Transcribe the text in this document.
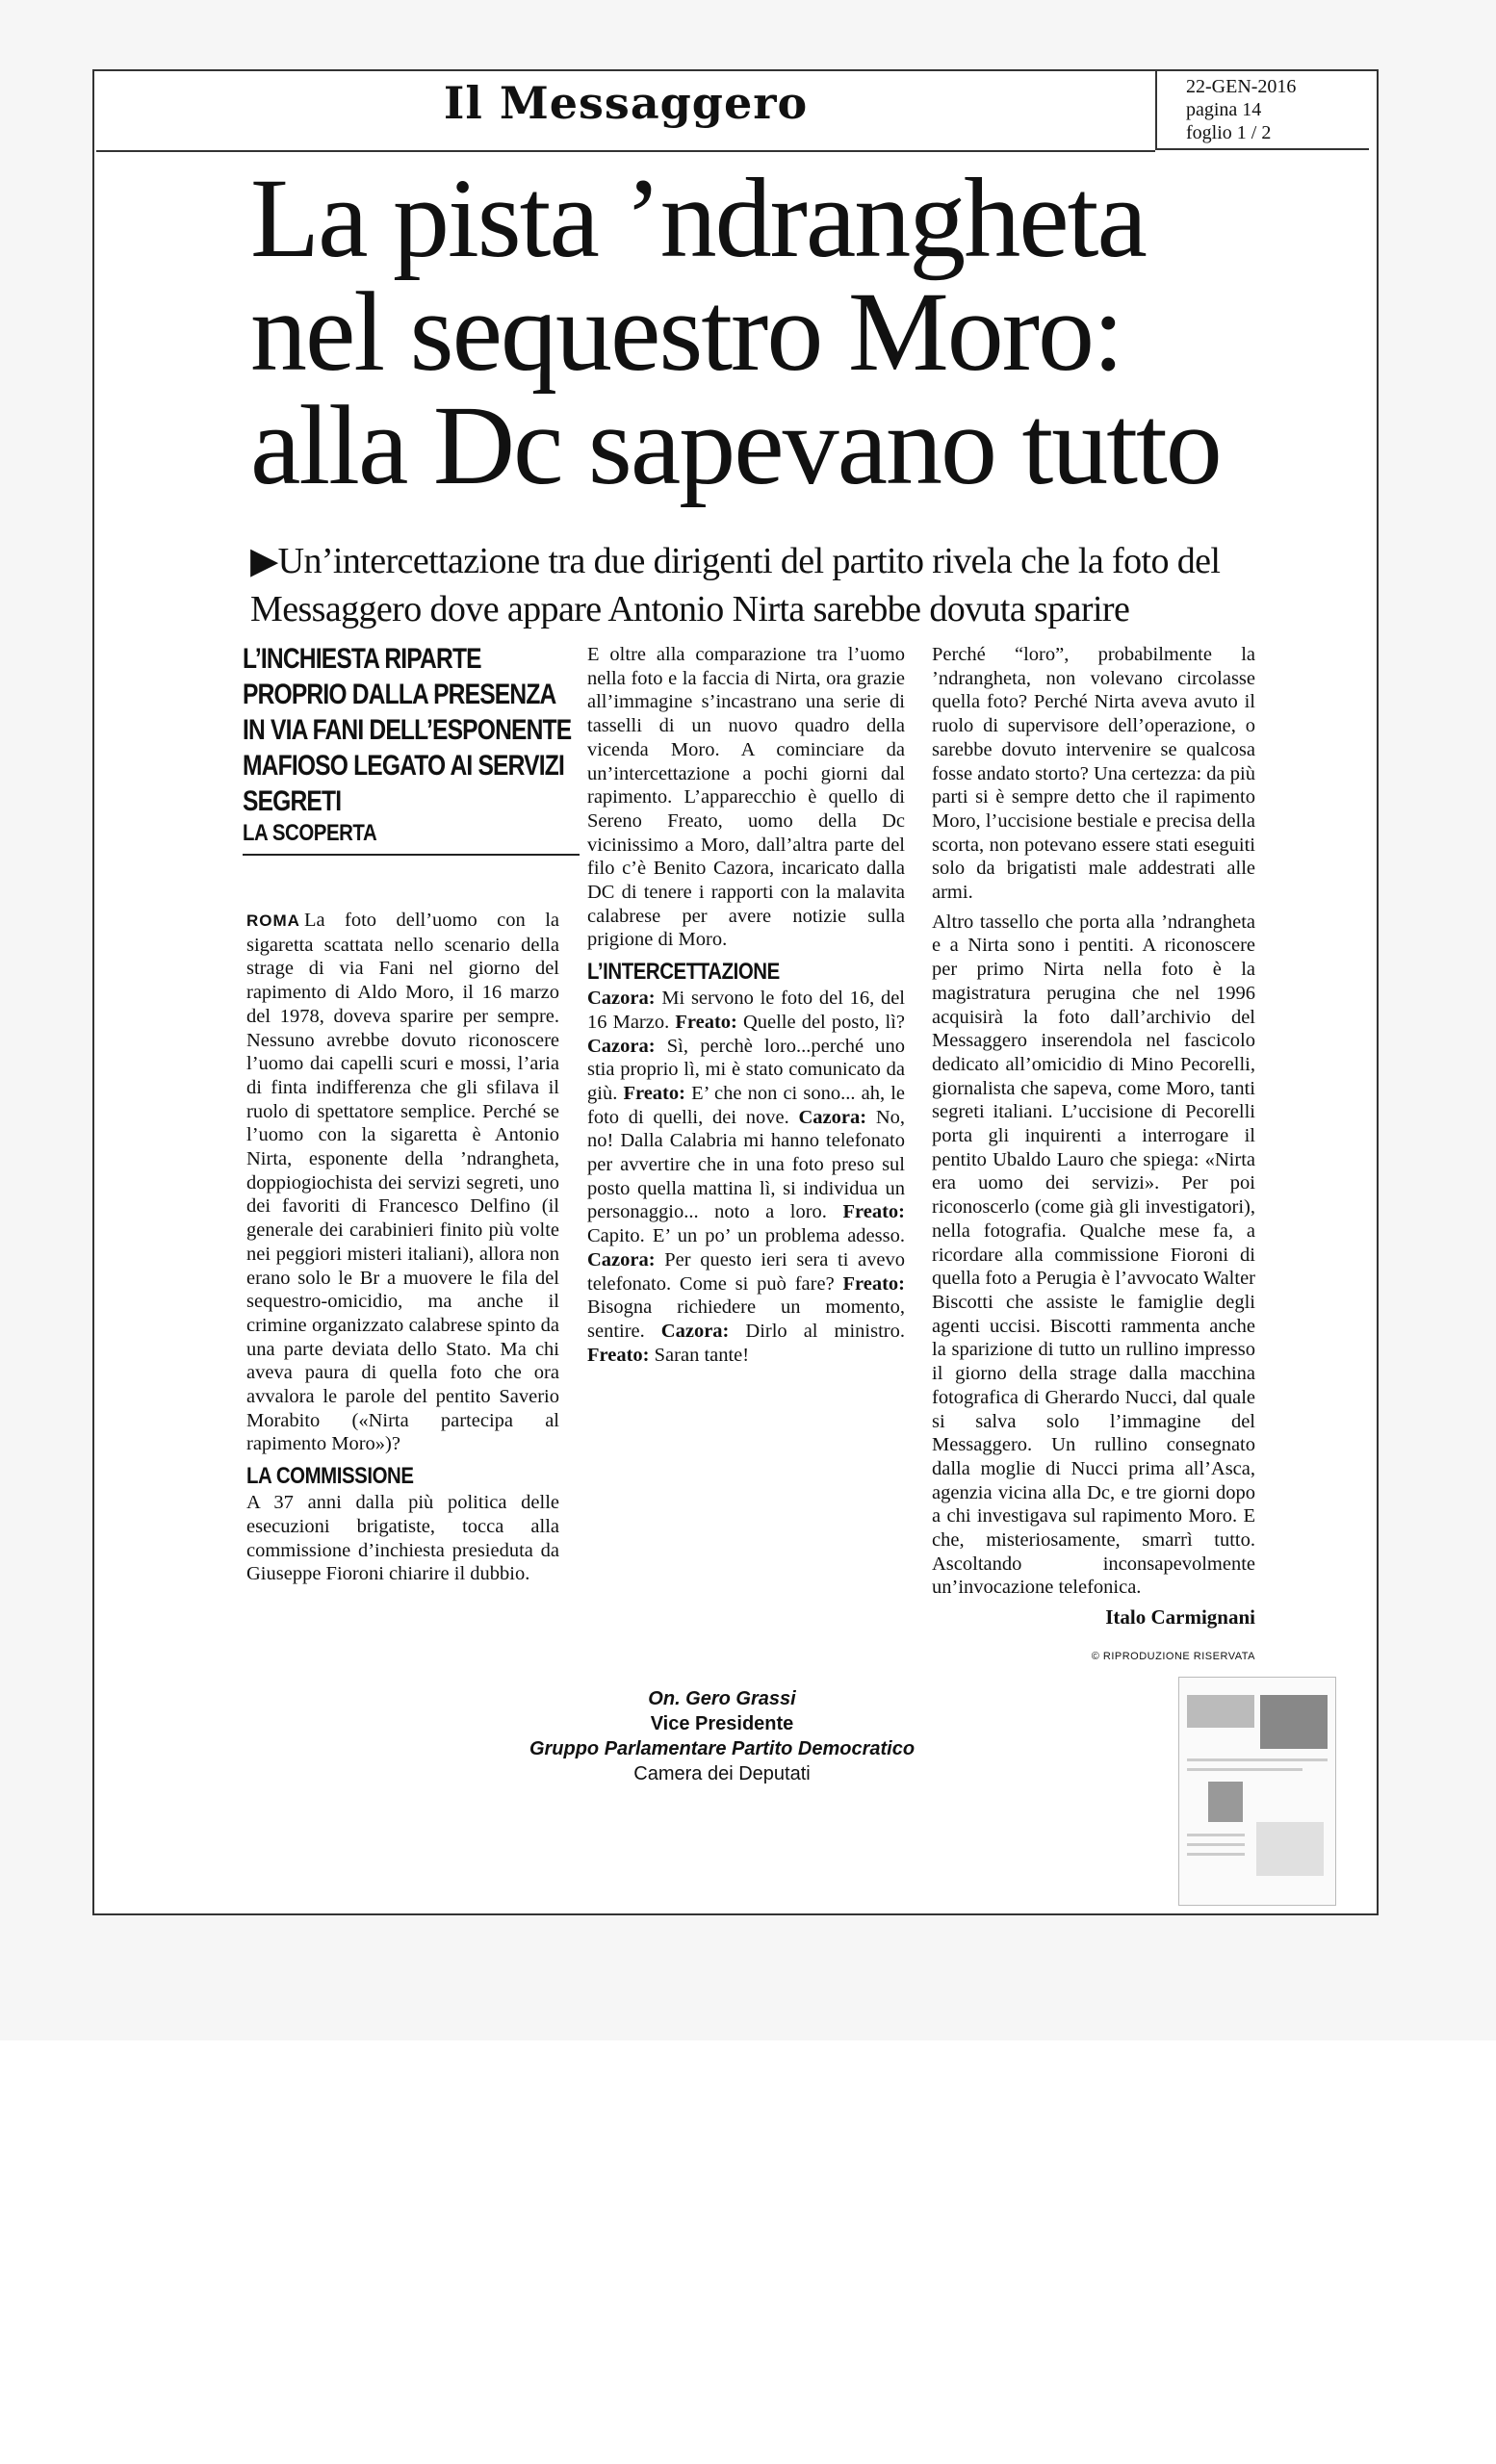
Il Messaggero	22-GEN-2016
pagina 14
foglio 1 / 2
La pista ’ndrangheta
nel sequestro Moro:
alla Dc sapevano tutto
▶Un’intercettazione tra due dirigenti del partito rivela che la foto del Messaggero dove appare Antonio Nirta sarebbe dovuta sparire
L’INCHIESTA RIPARTE PROPRIO DALLA PRESENZA IN VIA FANI DELL’ESPONENTE MAFIOSO LEGATO AI SERVIZI SEGRETI
LA SCOPERTA

ROMA La foto dell’uomo con la sigaretta scattata nello scenario della strage di via Fani nel giorno del rapimento di Aldo Moro, il 16 marzo del 1978, doveva sparire per sempre. Nessuno avrebbe dovuto riconoscere l’uomo dai capelli scuri e mossi, l’aria di finta indifferenza che gli sfilava il ruolo di spettatore semplice. Perché se l’uomo con la sigaretta è Antonio Nirta, esponente della ’ndrangheta, doppiogiochista dei servizi segreti, uno dei favoriti di Francesco Delfino (il generale dei carabinieri finito più volte nei peggiori misteri italiani), allora non erano solo le Br a muovere le fila del sequestro-omicidio, ma anche il crimine organizzato calabrese spinto da una parte deviata dello Stato. Ma chi aveva paura di quella foto che ora avvalora le parole del pentito Saverio Morabito («Nirta partecipa al rapimento Moro»)?

LA COMMISSIONE

A 37 anni dalla più politica delle esecuzioni brigatiste, tocca alla commissione d’inchiesta presieduta da Giuseppe Fioroni chiarire il dubbio.

E oltre alla comparazione tra l’uomo nella foto e la faccia di Nirta, ora grazie all’immagine s’incastrano una serie di tasselli di un nuovo quadro della vicenda Moro. A cominciare da un’intercettazione a pochi giorni dal rapimento. L’apparecchio è quello di Sereno Freato, uomo della Dc vicinissimo a Moro, dall’altra parte del filo c’è Benito Cazora, incaricato dalla DC di tenere i rapporti con la malavita calabrese per avere notizie sulla prigione di Moro.

L’INTERCETTAZIONE

Cazora: Mi servono le foto del 16, del 16 Marzo. Freato: Quelle del posto, lì? Cazora: Sì, perchè loro...perché uno stia proprio lì, mi è stato comunicato da giù. Freato: E’ che non ci sono... ah, le foto di quelli, dei nove. Cazora: No, no! Dalla Calabria mi hanno telefonato per avvertire che in una foto preso sul posto quella mattina lì, si individua un personaggio... noto a loro. Freato: Capito. E’ un po’ un problema adesso. Cazora: Per questo ieri sera ti avevo telefonato. Come si può fare? Freato: Bisogna richiedere un momento, sentire. Cazora: Dirlo al ministro. Freato: Saran tante!

Perché “loro”, probabilmente la ’ndrangheta, non volevano circolasse quella foto? Perché Nirta aveva avuto il ruolo di supervisore dell’operazione, o sarebbe dovuto intervenire se qualcosa fosse andato storto? Una certezza: da più parti si è sempre detto che il rapimento Moro, l’uccisione bestiale e precisa della scorta, non potevano essere stati eseguiti solo da brigatisti male addestrati alle armi.

Altro tassello che porta alla ’ndrangheta e a Nirta sono i pentiti. A riconoscere per primo Nirta nella foto è la magistratura perugina che nel 1996 acquisirà la foto dall’archivio del Messaggero inserendola nel fascicolo dedicato all’omicidio di Mino Pecorelli, giornalista che sapeva, come Moro, tanti segreti italiani. L’uccisione di Pecorelli porta gli inquirenti a interrogare il pentito Ubaldo Lauro che spiega: «Nirta era uomo dei servizi». Per poi riconoscerlo (come già gli investigatori), nella fotografia. Qualche mese fa, a ricordare alla commissione Fioroni di quella foto a Perugia è l’avvocato Walter Biscotti che assiste le famiglie degli agenti uccisi. Biscotti rammenta anche la sparizione di tutto un rullino impresso il giorno della strage dalla macchina fotografica di Gherardo Nucci, dal quale si salva solo l’immagine del Messaggero. Un rullino consegnato dalla moglie di Nucci prima all’Asca, agenzia vicina alla Dc, e tre giorni dopo a chi investigava sul rapimento Moro. E che, misteriosamente, smarrì tutto. Ascoltando inconsapevolmente un’invocazione telefonica.

Italo Carmignani
© RIPRODUZIONE RISERVATA
On. Gero Grassi
Vice Presidente
Gruppo Parlamentare Partito Democratico
Camera dei Deputati
